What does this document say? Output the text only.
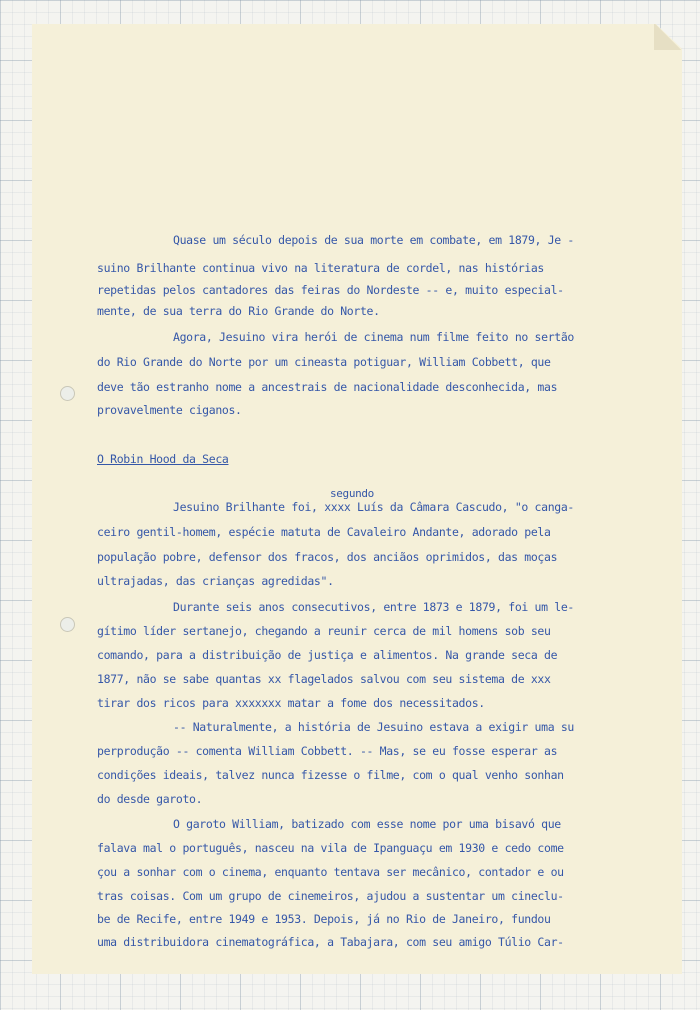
Quase um século depois de sua morte em combate, em 1879, Je -

suino Brilhante continua vivo na literatura de cordel, nas histórias

repetidas pelos cantadores das feiras do Nordeste -- e, muito especial-

mente, de sua terra do Rio Grande do Norte.

Agora, Jesuino vira herói de cinema num filme feito no sertão

do Rio Grande do Norte por um cineasta potiguar, William Cobbett, que

deve tão estranho nome a ancestrais de nacionalidade desconhecida, mas

provavelmente ciganos.

O Robin Hood da Seca

segundo

Jesuino Brilhante foi, xxxx Luís da Câmara Cascudo, "o canga-

ceiro gentil-homem, espécie matuta de Cavaleiro Andante, adorado pela

população pobre, defensor dos fracos, dos anciãos oprimidos, das moças

ultrajadas, das crianças agredidas".

Durante seis anos consecutivos, entre 1873 e 1879, foi um le-

gítimo líder sertanejo, chegando a reunir cerca de mil homens sob seu

comando, para a distribuição de justiça e alimentos. Na grande seca de

1877, não se sabe quantas xx flagelados salvou com seu sistema de xxx

tirar dos ricos para xxxxxxx matar a fome dos necessitados.

-- Naturalmente, a história de Jesuino estava a exigir uma su

perprodução -- comenta William Cobbett. -- Mas, se eu fosse esperar as

condições ideais, talvez nunca fizesse o filme, com o qual venho sonhan

do desde garoto.

O garoto William, batizado com esse nome por uma bisavó que

falava mal o português, nasceu na vila de Ipanguaçu em 1930 e cedo come

çou a sonhar com o cinema, enquanto tentava ser mecânico, contador e ou

tras coisas. Com um grupo de cinemeiros, ajudou a sustentar um cineclu-

be de Recife, entre 1949 e 1953. Depois, já no Rio de Janeiro, fundou

uma distribuidora cinematográfica, a Tabajara, com seu amigo Túlio Car-
